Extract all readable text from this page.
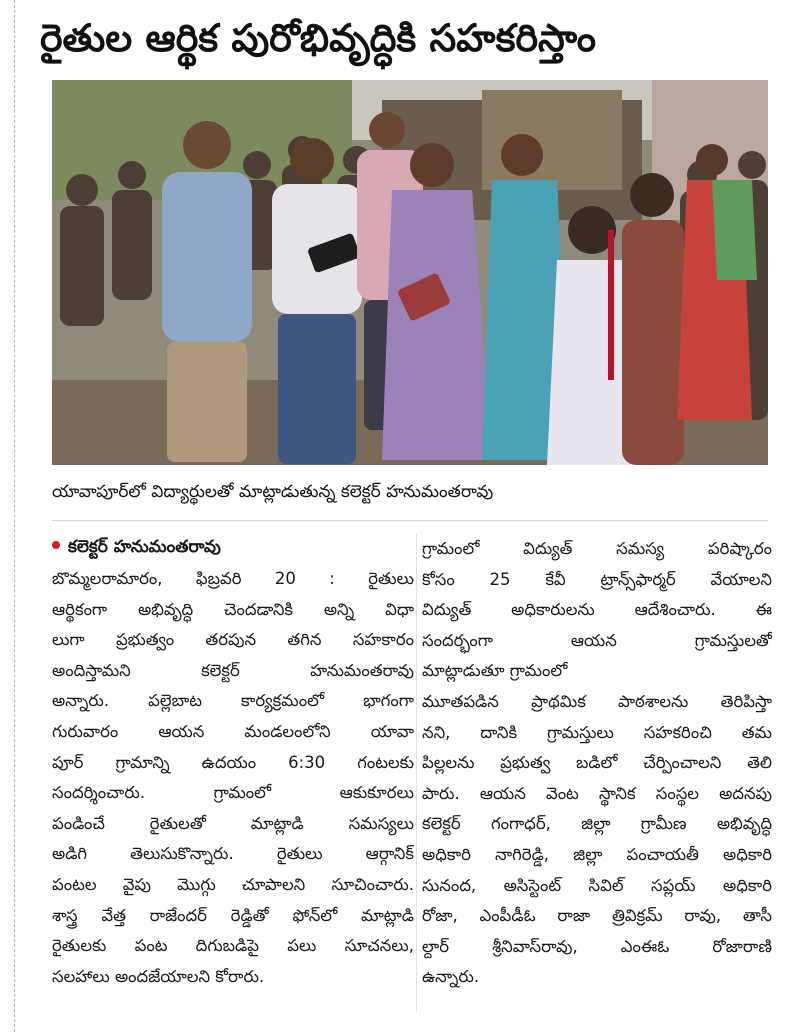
రైతుల ఆర్థిక పురోభివృద్ధికి సహకరిస్తాం
యావాపూర్‌లో విద్యార్థులతో మాట్లాడుతున్న కలెక్టర్ హనుమంతరావు
కలెక్టర్ హనుమంతరావు
బొమ్మలరామారం, ఫిబ్రవరి 20 : రైతులు
ఆర్థికంగా అభివృద్ధి చెందడానికి అన్ని విధా
లుగా ప్రభుత్వం తరపున తగిన సహకారం
అందిస్తామని కలెక్టర్ హనుమంతరావు
అన్నారు. పల్లెబాట కార్యక్రమంలో భాగంగా
గురువారం ఆయన మండలంలోని యావా
పూర్ గ్రామాన్ని ఉదయం 6:30 గంటలకు
సందర్శించారు. గ్రామంలో ఆకుకూరలు
పండించే రైతులతో మాట్లాడి సమస్యలు
అడిగి తెలుసుకొన్నారు. రైతులు ఆర్గానిక్
పంటల వైపు మొగ్గు చూపాలని సూచించారు.
శాస్త్ర వేత్త రాజేందర్ రెడ్డితో ఫోన్‌లో మాట్లాడి
రైతులకు పంట దిగుబడిపై పలు సూచనలు,
సలహాలు అందజేయాలని కోరారు.
గ్రామంలో విద్యుత్ సమస్య పరిష్కారం
కోసం 25 కేవీ ట్రాన్స్‌ఫార్మర్ వేయాలని
విద్యుత్ అధికారులను ఆదేశించారు. ఈ
సందర్భంగా ఆయన గ్రామస్తులతో
మాట్లాడుతూ గ్రామంలో
మూతపడిన ప్రాథమిక పాఠశాలను తెరిపిస్తా
నని, దానికి గ్రామస్తులు సహకరించి తమ
పిల్లలను ప్రభుత్వ బడిలో చేర్పించాలని తెలి
పారు. ఆయన వెంట స్థానిక సంస్థల అదనపు
కలెక్టర్ గంగాధర్, జిల్లా గ్రామీణ అభివృద్ధి
అధికారి నాగిరెడ్డి, జిల్లా పంచాయతీ అధికారి
సునంద, అసిస్టెంట్ సివిల్ సప్లయ్ అధికారి
రోజా, ఎంపీడీఓ రాజా త్రివిక్రమ్ రావు, తాసీ
ల్దార్ శ్రీనివాస్‌రావు, ఎంఈఓ రోజారాణి
ఉన్నారు.
